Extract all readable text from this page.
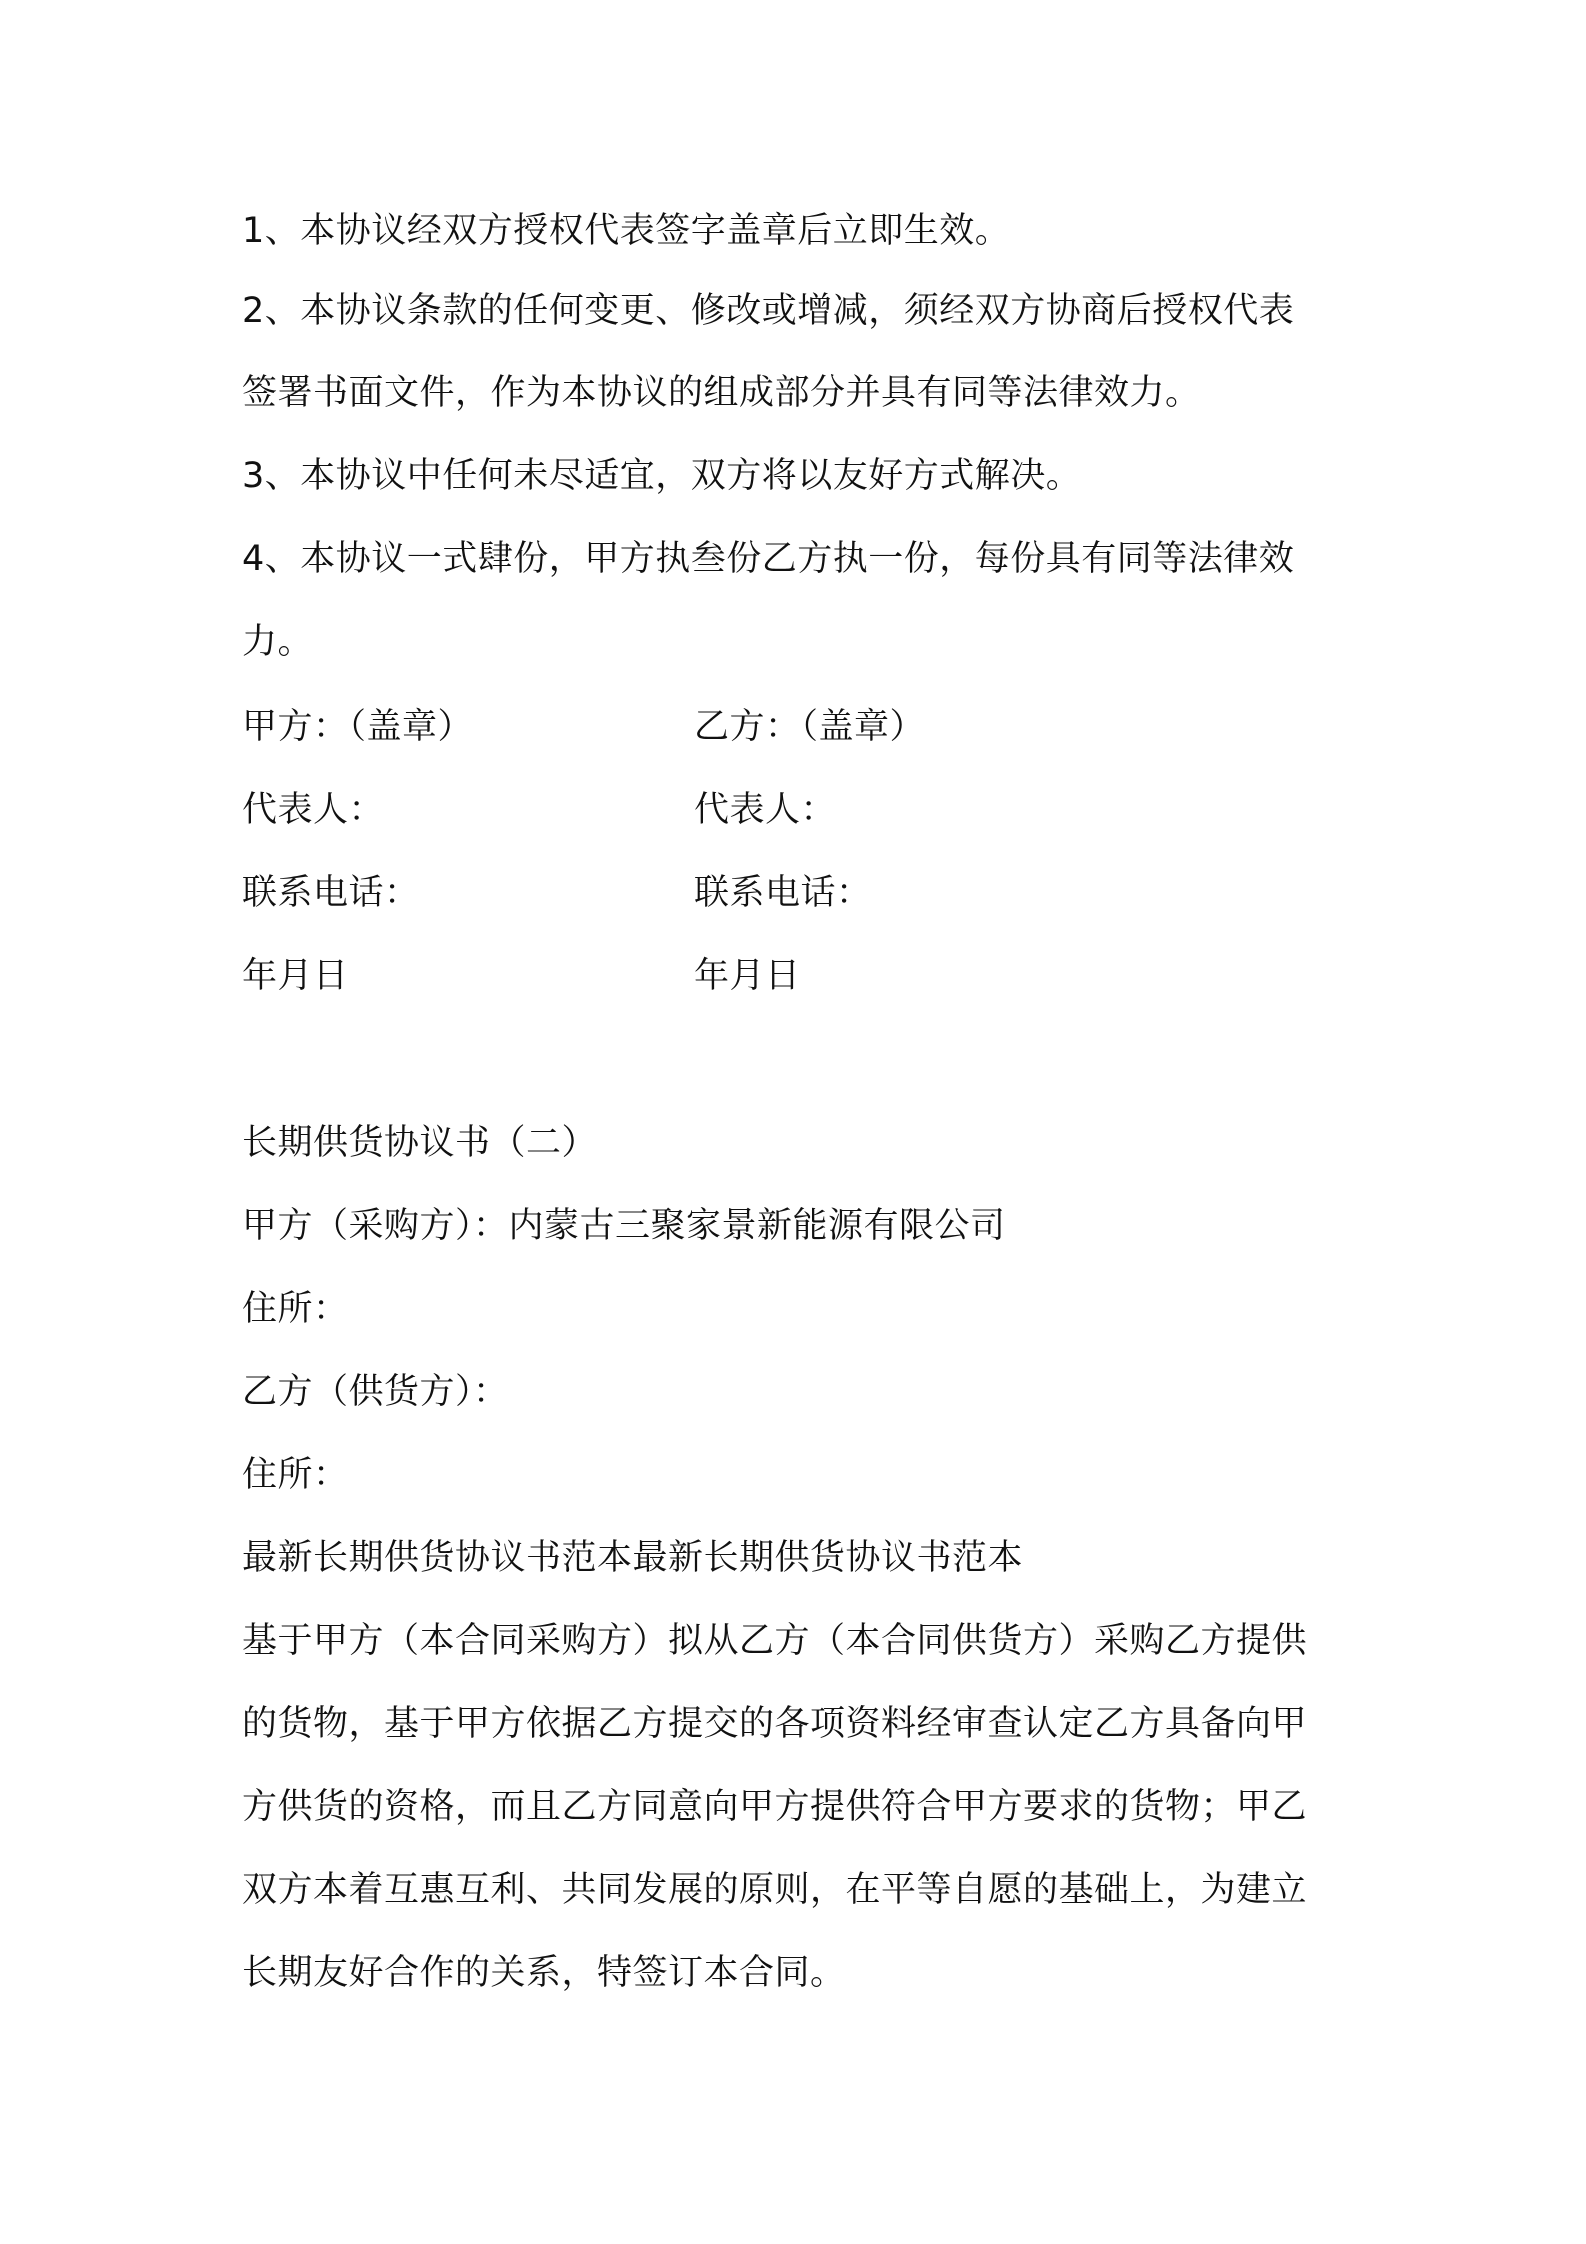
1、本协议经双方授权代表签字盖章后立即生效。

2、本协议条款的任何变更、修改或增减，须经双方协商后授权代表

签署书面文件，作为本协议的组成部分并具有同等法律效力。

3、本协议中任何未尽适宜，双方将以友好方式解决。

4、本协议一式肆份，甲方执叁份乙方执一份，每份具有同等法律效

力。

甲方：（盖章）	乙方：（盖章）

代表人：	代表人：

联系电话：	联系电话：

年月日	年月日

长期供货协议书（二）

甲方（采购方）：内蒙古三聚家景新能源有限公司

住所：

乙方（供货方）：

住所：

最新长期供货协议书范本最新长期供货协议书范本

基于甲方（本合同采购方）拟从乙方（本合同供货方）采购乙方提供

的货物，基于甲方依据乙方提交的各项资料经审查认定乙方具备向甲

方供货的资格，而且乙方同意向甲方提供符合甲方要求的货物；甲乙

双方本着互惠互利、共同发展的原则，在平等自愿的基础上，为建立

长期友好合作的关系，特签订本合同。
